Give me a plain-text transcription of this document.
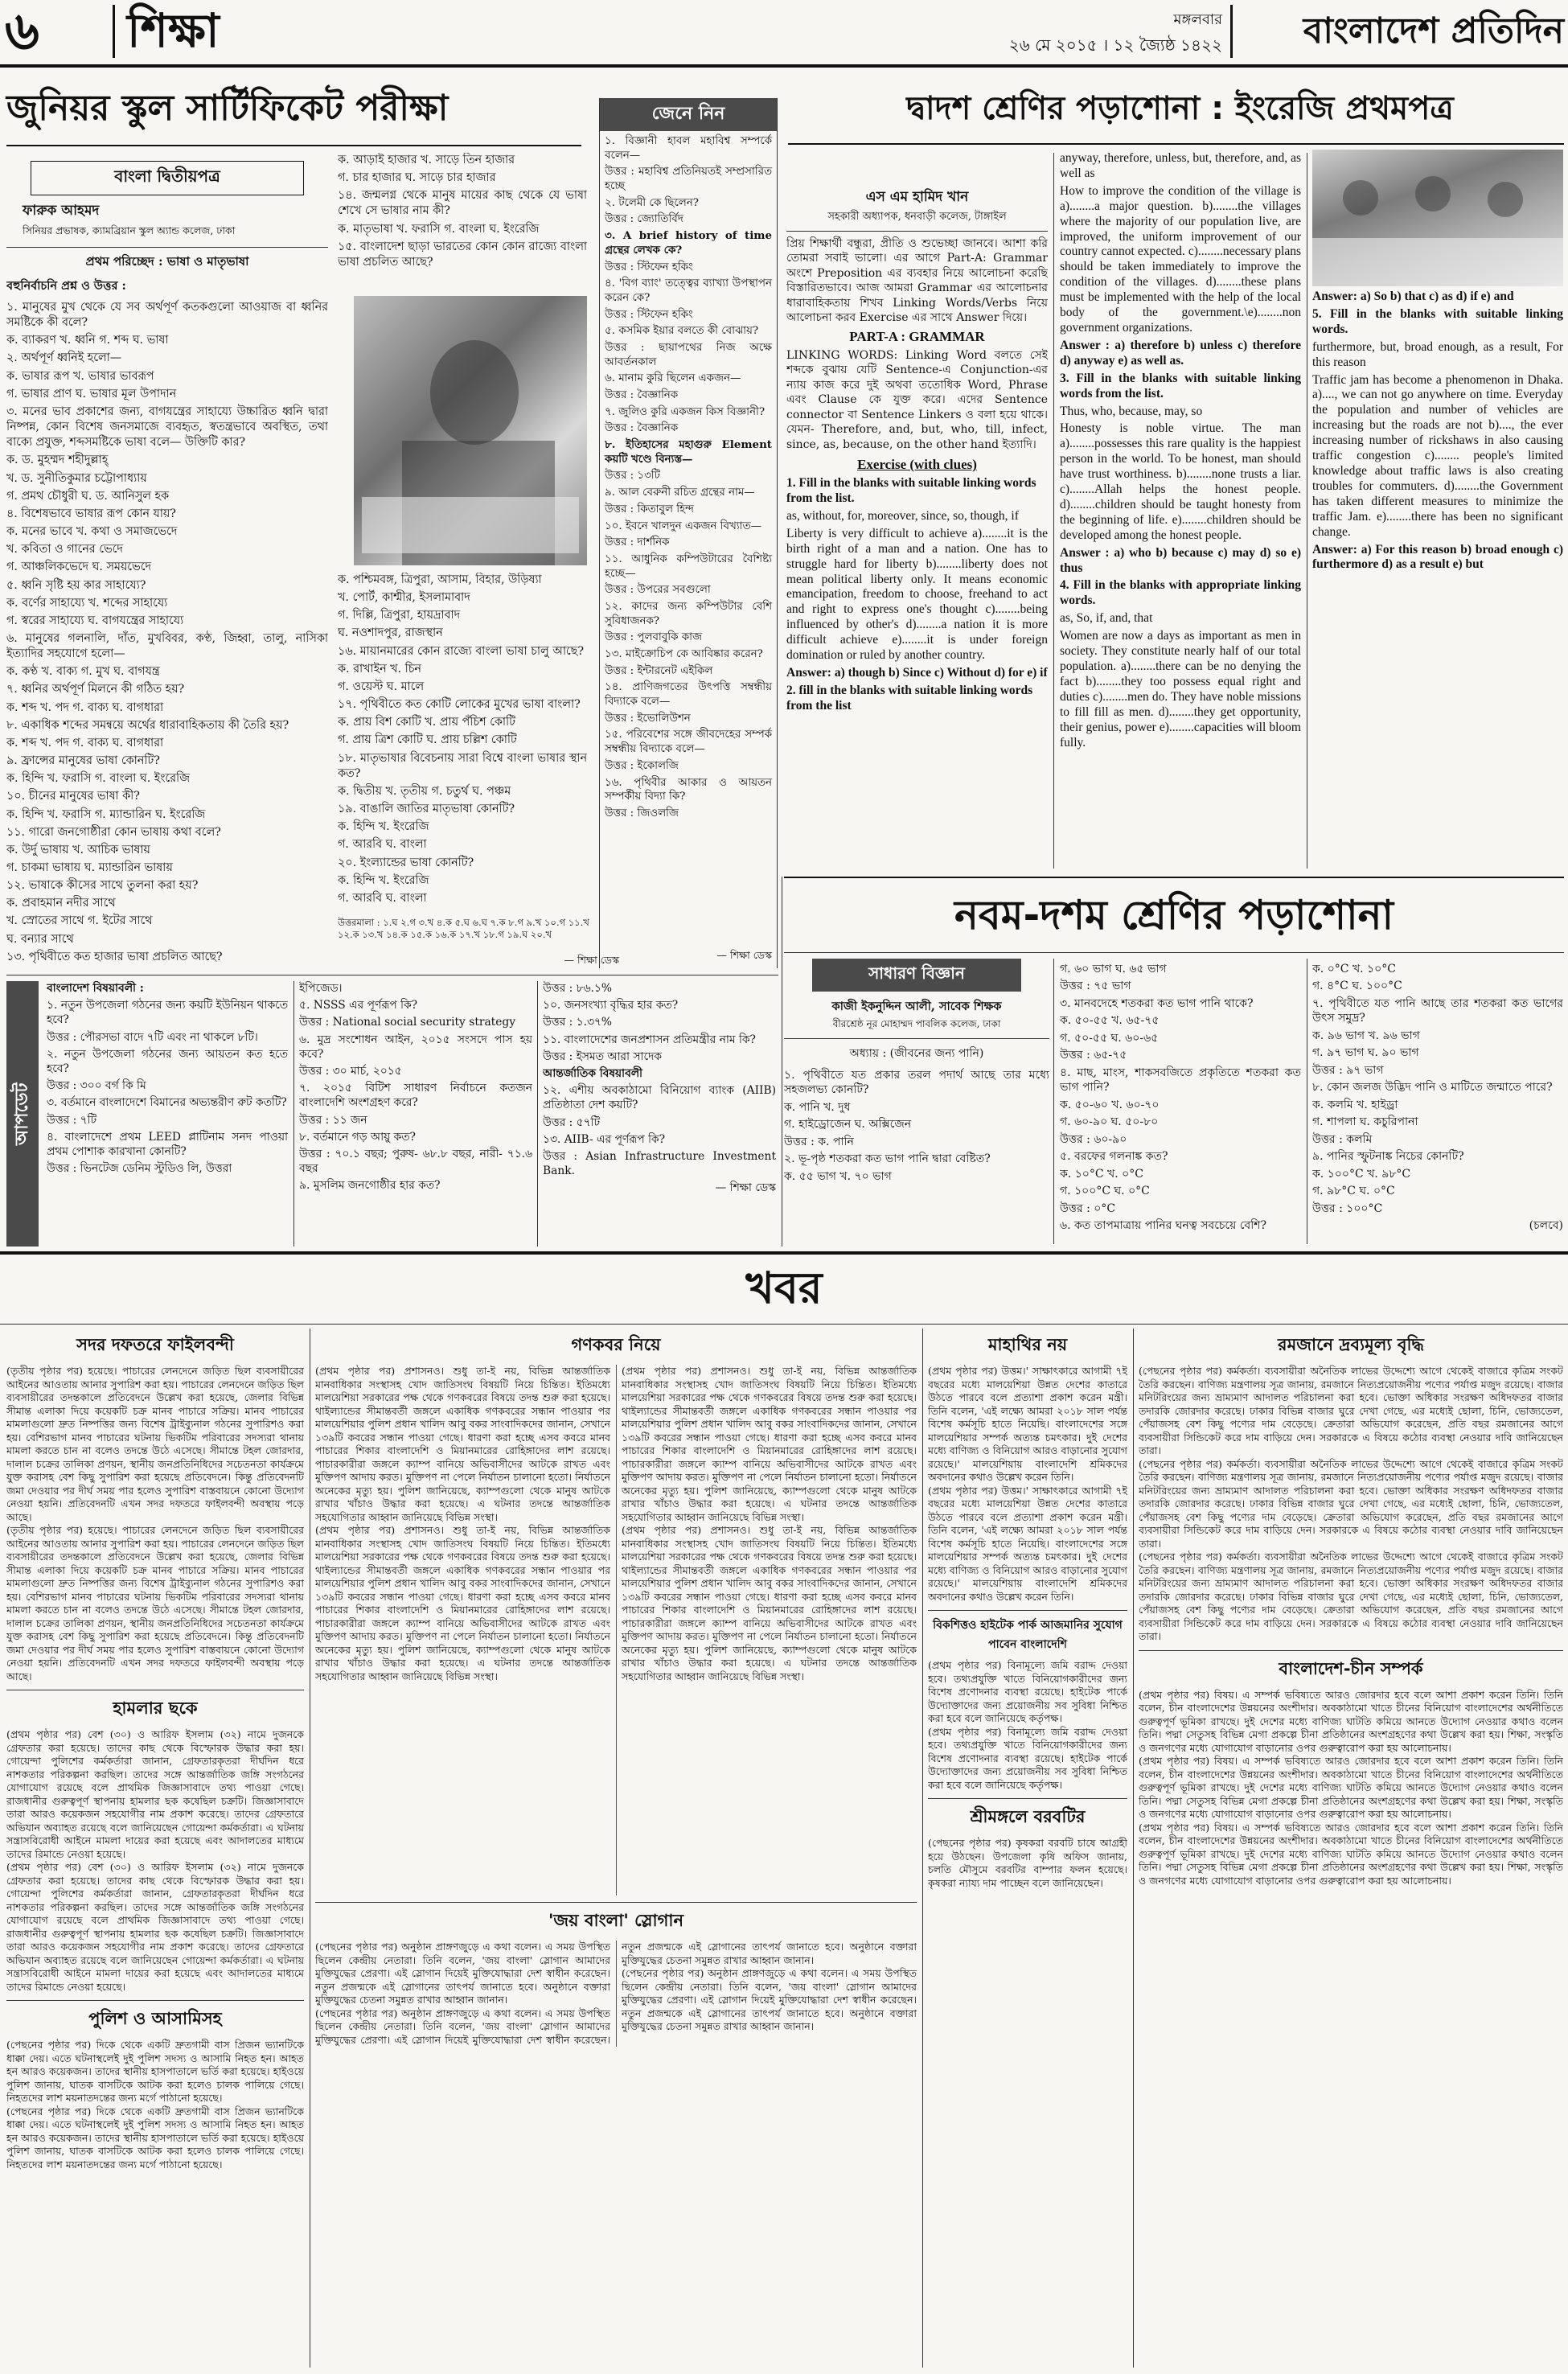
৬	শিক্ষা	মঙ্গলবার
২৬ মে ২০১৫ । ১২ জ্যৈষ্ঠ ১৪২২	বাংলাদেশ প্রতিদিন
জুনিয়র স্কুল সার্টিফিকেট পরীক্ষা
বাংলা দ্বিতীয়পত্র
ফারুক আহমদ
সিনিয়র প্রভাষক, ক্যামব্রিয়ান স্কুল অ্যান্ড কলেজ, ঢাকা
প্রথম পরিচ্ছেদ : ভাষা ও মাতৃভাষা
বহুনির্বাচনি প্রশ্ন ও উত্তর :
১. মানুষের মুখ থেকে যে সব অর্থপূর্ণ কতকগুলো আওয়াজ বা ধ্বনির সমষ্টিকে কী বলে?
ক. ব্যাকরণ খ. ধ্বনি গ. শব্দ ঘ. ভাষা
২. অর্থপূর্ণ ধ্বনিই হলো—
ক. ভাষার রূপ খ. ভাষার ভাবরূপ
গ. ভাষার প্রাণ ঘ. ভাষার মূল উপাদান
৩. মনের ভাব প্রকাশের জন্য, বাগযন্ত্রের সাহায্যে উচ্চারিত ধ্বনি দ্বারা নিষ্পন্ন, কোন বিশেষ জনসমাজে ব্যবহৃত, স্বতন্ত্রভাবে অবস্থিত, তথা বাক্যে প্রযুক্ত, শব্দসমষ্টিকে ভাষা বলে— উক্তিটি কার?
ক. ড. মুহম্মদ শহীদুল্লাহ্
খ. ড. সুনীতিকুমার চট্টোপাধ্যায়
গ. প্রমথ চৌধুরী ঘ. ড. আনিসুল হক
৪. বিশেষভাবে ভাষার রূপ কোন যায়?
ক. মনের ভাবে খ. কথা ও সমাজভেদে
খ. কবিতা ও গানের ভেদে
গ. আঞ্চলিকভেদে ঘ. সময়ভেদে
৫. ধ্বনি সৃষ্টি হয় কার সাহায্যে?
ক. বর্ণের সাহায্যে খ. শব্দের সাহায্যে
গ. স্বরের সাহায্যে ঘ. বাগযন্ত্রের সাহায্যে
৬. মানুষের গলনালি, দাঁত, মুখবিবর, কণ্ঠ, জিহ্বা, তালু, নাসিকা ইত্যাদির সহযোগে হলো—
ক. কণ্ঠ খ. বাক্য গ. মুখ ঘ. বাগযন্ত্র
৭. ধ্বনির অর্থপূর্ণ মিলনে কী গঠিত হয়?
ক. শব্দ খ. পদ গ. বাক্য ঘ. বাগধারা
৮. একাধিক শব্দের সমন্বয়ে অর্থের ধারাবাহিকতায় কী তৈরি হয়?
ক. শব্দ খ. পদ গ. বাক্য ঘ. বাগধারা
৯. ফ্রান্সের মানুষের ভাষা কোনটি?
ক. হিন্দি খ. ফরাসি গ. বাংলা ঘ. ইংরেজি
১০. চীনের মানুষের ভাষা কী?
ক. হিন্দি খ. ফরাসি গ. ম্যান্ডারিন ঘ. ইংরেজি
১১. গারো জনগোষ্ঠীরা কোন ভাষায় কথা বলে?
ক. উর্দু ভাষায় খ. আচিক ভাষায়
গ. চাকমা ভাষায় ঘ. ম্যান্ডারিন ভাষায়
১২. ভাষাকে কীসের সাথে তুলনা করা হয়?
ক. প্রবাহমান নদীর সাথে
খ. স্রোতের সাথে গ. ইটের সাথে
ঘ. বন্যার সাথে
১৩. পৃথিবীতে কত হাজার ভাষা প্রচলিত আছে?
ক. আড়াই হাজার খ. সাড়ে তিন হাজার
গ. চার হাজার ঘ. সাড়ে চার হাজার
১৪. জন্মলগ্ন থেকে মানুষ মায়ের কাছ থেকে যে ভাষা শেখে সে ভাষার নাম কী?
ক. মাতৃভাষা খ. ফরাসি গ. বাংলা ঘ. ইংরেজি
১৫. বাংলাদেশ ছাড়া ভারতের কোন কোন রাজ্যে বাংলা ভাষা প্রচলিত আছে?
ক. পশ্চিমবঙ্গ, ত্রিপুরা, আসাম, বিহার, উড়িষ্যা
খ. পোর্ট, কাশ্মীর, ইসলামাবাদ
গ. দিল্লি, ত্রিপুরা, হায়দ্রাবাদ
ঘ. নওশাদপুর, রাজস্থান
১৬. মায়ানমারের কোন রাজ্যে বাংলা ভাষা চালু আছে?
ক. রাখাইন খ. চিন
গ. ওয়েস্ট ঘ. মালে
১৭. পৃথিবীতে কত কোটি লোকের মুখের ভাষা বাংলা?
ক. প্রায় বিশ কোটি খ. প্রায় পঁচিশ কোটি
গ. প্রায় ত্রিশ কোটি ঘ. প্রায় চল্লিশ কোটি
১৮. মাতৃভাষার বিবেচনায় সারা বিশ্বে বাংলা ভাষার স্থান কত?
ক. দ্বিতীয় খ. তৃতীয় গ. চতুর্থ ঘ. পঞ্চম
১৯. বাঙালি জাতির মাতৃভাষা কোনটি?
ক. হিন্দি খ. ইংরেজি
গ. আরবি ঘ. বাংলা
২০. ইংল্যান্ডের ভাষা কোনটি?
ক. হিন্দি খ. ইংরেজি
গ. আরবি ঘ. বাংলা
উত্তরমালা : ১.ঘ ২.গ ৩.খ ৪.ক ৫.ঘ ৬.ঘ ৭.ক ৮.গ ৯.খ ১০.গ ১১.খ ১২.ক ১৩.খ ১৪.ক ১৫.ক ১৬.ক ১৭.খ ১৮.গ ১৯.ঘ ২০.খ
— শিক্ষা ডেস্ক
জেনে নিন
১. বিজ্ঞানী হাবল মহাবিশ্ব সম্পর্কে বলেন—
উত্তর : মহাবিশ্ব প্রতিনিয়তই সম্প্রসারিত হচ্ছে
২. টলেমী কে ছিলেন?
উত্তর : জ্যোতির্বিদ
৩. A brief history of time গ্রন্থের লেখক কে?
উত্তর : স্টিফেন হকিং
৪. 'বিগ ব্যাং' তত্ত্বের ব্যাখ্যা উপস্থাপন করেন কে?
উত্তর : স্টিফেন হকিং
৫. কসমিক ইয়ার বলতে কী বোঝায়?
উত্তর : ছায়াপথের নিজ অক্ষে আবর্তনকাল
৬. মানাম কুরি ছিলেন একজন—
উত্তর : বৈজ্ঞানিক
৭. জুলিও কুরি একজন কিস বিজ্ঞানী?
উত্তর : বৈজ্ঞানিক
৮. ইতিহাসের মহাগুরু Element কয়টি খণ্ডে বিন্যস্ত—
উত্তর : ১৩টি
৯. আল বেরুনী রচিত গ্রন্থের নাম—
উত্তর : কিতাবুল হিন্দ
১০. ইবনে খালদুন একজন বিখ্যাত—
উত্তর : দার্শনিক
১১. আধুনিক কম্পিউটারের বৈশিষ্ট্য হচ্ছে—
উত্তর : উপরের সবগুলো
১২. কাদের জন্য কম্পিউটার বেশি সুবিধাজনক?
উত্তর : পুলবাবুকি কাজ
১৩. মাইক্রোচিপ কে আবিষ্কার করেন?
উত্তর : ইন্টারনেট এইকিল
১৪. প্রাণিজগতের উৎপত্তি সম্বন্ধীয় বিদ্যাকে বলে—
উত্তর : ইভোলিউশন
১৫. পরিবেশের সঙ্গে জীবদেহের সম্পর্ক সম্বন্ধীয় বিদ্যাকে বলে—
উত্তর : ইকোলজি
১৬. পৃথিবীর আকার ও আয়তন সম্পর্কীয় বিদ্যা কি?
উত্তর : জিওলজি
— শিক্ষা ডেস্ক
দ্বাদশ শ্রেণির পড়াশোনা : ইংরেজি প্রথমপত্র
এস এম হামিদ খান
সহকারী অধ্যাপক, ধনবাড়ী কলেজ, টাঙ্গাইল
প্রিয় শিক্ষার্থী বন্ধুরা, প্রীতি ও শুভেচ্ছা জানবে। আশা করি তোমরা সবাই ভালো। এর আগে Part-A: Grammar অংশে Preposition এর ব্যবহার নিয়ে আলোচনা করেছি বিস্তারিতভাবে। আজ আমরা Grammar এর আলোচনার ধারাবাহিকতায় শিখব Linking Words/Verbs নিয়ে আলোচনা করব Exercise এর সাথে Answer দিয়ে।
PART-A : GRAMMAR
LINKING WORDS: Linking Word বলতে সেই শব্দকে বুঝায় যেটি Sentence-এ Conjunction-এর ন্যায় কাজ করে দুই অথবা ততোধিক Word, Phrase এবং Clause কে যুক্ত করে। এদের Sentence connector বা Sentence Linkers ও বলা হয়ে থাকে। যেমন- Therefore, and, but, who, till, infect, since, as, because, on the other hand ইত্যাদি।
Exercise (with clues)

1. Fill in the blanks with suitable linking words from the list.

as, without, for, moreover, since, so, though, if

Liberty is very difficult to achieve a)........it is the birth right of a man and a nation. One has to struggle hard for liberty b)........liberty does not mean political liberty only. It means economic emancipation, freedom to choose, freehand to act and right to express one's thought c)........being influenced by other's d)........a nation it is more difficult achieve e)........it is under foreign domination or ruled by another country.

Answer: a) though b) Since c) Without d) for e) if

2. fill in the blanks with suitable linking words from the list

anyway, therefore, unless, but, therefore, and, as well as

How to improve the condition of the village is a)........a major question. b)........the villages where the majority of our population live, are improved, the uniform improvement of our country cannot expected. c)........necessary plans should be taken immediately to improve the condition of the villages. d)........these plans must be implemented with the help of the local body of the government.\e)........non government organizations.

Answer : a) therefore b) unless c) therefore d) anyway e) as well as.

3. Fill in the blanks with suitable linking words from the list.

Thus, who, because, may, so

Honesty is noble virtue. The man a)........possesses this rare quality is the happiest person in the world. To be honest, man should have trust worthiness. b)........none trusts a liar. c)........Allah helps the honest people. d)........children should be taught honesty from the beginning of life. e)........children should be developed among the honest people.

Answer : a) who b) because c) may d) so e) thus

4. Fill in the blanks with appropriate linking words.

as, So, if, and, that

Women are now a days as important as men in society. They constitute nearly half of our total population. a)........there can be no denying the fact b)........they too possess equal right and duties c)........men do. They have noble missions to fill fill as men. d)........they get opportunity, their genius, power e)........capacities will bloom fully.

Answer: a) So b) that c) as d) if e) and

5. Fill in the blanks with suitable linking words.

furthermore, but, broad enough, as a result, For this reason

Traffic jam has become a phenomenon in Dhaka. a)...., we can not go anywhere on time. Everyday the population and number of vehicles are increasing but the roads are not b)...., the ever increasing number of rickshaws in also causing traffic congestion c)........ people's limited knowledge about traffic laws is also creating troubles for commuters. d)........the Government has taken different measures to minimize the traffic Jam. e)........there has been no significant change.

Answer: a) For this reason b) broad enough c) furthermore d) as a result e) but

নবম-দশম শ্রেণির পড়াশোনা
সাধারণ বিজ্ঞান
কাজী ইকনুদ্দিন আলী, সাবেক শিক্ষক
বীরশ্রেষ্ঠ নূর মোহাম্মদ পাবলিক কলেজ, ঢাকা
অধ্যায় : (জীবনের জন্য পানি)
১. পৃথিবীতে যত প্রকার তরল পদার্থ আছে তার মধ্যে সহজলভ্য কোনটি?
ক. পানি খ. দুধ
গ. হাইড্রোজেন ঘ. অক্সিজেন
উত্তর : ক. পানি
২. ভূ-পৃষ্ঠ শতকরা কত ভাগ পানি দ্বারা বেষ্টিত?
ক. ৫৫ ভাগ খ. ৭০ ভাগ
গ. ৬০ ভাগ ঘ. ৬৫ ভাগ
উত্তর : ৭৫ ভাগ
৩. মানবদেহে শতকরা কত ভাগ পানি থাকে?
ক. ৫০-৫৫ খ. ৬৫-৭৫
গ. ৫০-৫৫ ঘ. ৬০-৬৫
উত্তর : ৬৫-৭৫
৪. মাছ, মাংস, শাকসবজিতে প্রকৃতিতে শতকরা কত ভাগ পানি?
ক. ৫০-৬০ খ. ৬০-৭০
গ. ৬০-৯০ ঘ. ৫০-৮০
উত্তর : ৬০-৯০
৫. বরফের গলনাঙ্ক কত?
ক. ১০°C খ. ০°C
গ. ১০০°C ঘ. ০°C
উত্তর : ০°C
৬. কত তাপমাত্রায় পানির ঘনত্ব সবচেয়ে বেশি?
ক. ০°C খ. ১০°C
গ. ৪°C ঘ. ১০০°C
৭. পৃথিবীতে যত পানি আছে তার শতকরা কত ভাগের উৎস সমুদ্র?
ক. ৯৬ ভাগ খ. ৯৬ ভাগ
গ. ৯৭ ভাগ ঘ. ৯০ ভাগ
উত্তর : ৯৭ ভাগ
৮. কোন জলজ উদ্ভিদ পানি ও মাটিতে জন্মাতে পারে?
ক. কলমি খ. হাইড্রা
গ. শাপলা ঘ. কচুরিপানা
উত্তর : কলমি
৯. পানির স্ফুটনাঙ্ক নিচের কোনটি?
ক. ১০০°C খ. ৯৮°C
গ. ৯৮°C ঘ. ০°C
উত্তর : ১০০°C
(চলবে)
আপডেট
বাংলাদেশ বিষয়াবলী :
১. নতুন উপজেলা গঠনের জন্য কয়টি ইউনিয়ন থাকতে হবে?
উত্তর : পৌরসভা বাদে ৭টি এবং না থাকলে ৮টি।
২. নতুন উপজেলা গঠনের জন্য আয়তন কত হতে হবে?
উত্তর : ৩০০ বর্গ কি মি
৩. বর্তমানে বাংলাদেশে বিমানের অভ্যন্তরীণ রুট কতটি?
উত্তর : ৭টি
৪. বাংলাদেশে প্রথম LEED প্লাটিনাম সনদ পাওয়া প্রথম পোশাক কারখানা কোনটি?
উত্তর : ভিনটেজ ডেনিম স্টুডিও লি, উত্তরা
ইপিজেড।
৫. NSSS এর পূর্ণরূপ কি?
উত্তর : National social security strategy
৬. মুদ্র সংশোধন আইন, ২০১৫ সংসদে পাস হয় কবে?
উত্তর : ৩০ মার্চ, ২০১৫
৭. ২০১৫ বিটিশ সাধারণ নির্বাচনে কতজন বাংলাদেশি অংশগ্রহণ করে?
উত্তর : ১১ জন
৮. বর্তমানে গড় আয়ু কত?
উত্তর : ৭০.১ বছর; পুরুষ- ৬৮.৮ বছর, নারী- ৭১.৬ বছর
৯. মুসলিম জনগোষ্ঠীর হার কত?
উত্তর : ৮৬.১%
১০. জনসংখ্যা বৃদ্ধির হার কত?
উত্তর : ১.৩৭%
১১. বাংলাদেশের জনপ্রশাসন প্রতিমন্ত্রীর নাম কি?
উত্তর : ইসমত আরা সাদেক
আন্তর্জাতিক বিষয়াবলী
১২. এশীয় অবকাঠামো বিনিয়োগ ব্যাংক (AIIB) প্রতিষ্ঠাতা দেশ কয়টি?
উত্তর : ৫৭টি
১৩. AIIB- এর পূর্ণরূপ কি?
উত্তর : Asian Infrastructure Investment Bank.
— শিক্ষা ডেস্ক
খবর
সদর দফতরে ফাইলবন্দী
(তৃতীয় পৃষ্ঠার পর) হয়েছে। পাচারের লেনদেনে জড়িত ছিল ব্যবসায়ীরের আইনের আওতায় আনার সুপারিশ করা হয়। পাচারের লেনদেনে জড়িত ছিল ব্যবসায়ীরের তদন্তকালে প্রতিবেদনে উল্লেখ করা হয়েছে, জেলার বিভিন্ন সীমান্ত এলাকা দিয়ে কয়েকটি চক্র মানব পাচারে সক্রিয়। মানব পাচারের মামলাগুলো দ্রুত নিষ্পত্তির জন্য বিশেষ ট্রাইব্যুনাল গঠনের সুপারিশও করা হয়। বেশিরভাগ মানব পাচারের ঘটনায় ভিকটিম পরিবারের সদস্যরা থানায় মামলা করতে চান না বলেও তদন্তে উঠে এসেছে। সীমান্তে টহল জোরদার, দালাল চক্রের তালিকা প্রণয়ন, স্থানীয় জনপ্রতিনিধিদের সচেতনতা কার্যক্রমে যুক্ত করাসহ বেশ কিছু সুপারিশ করা হয়েছে প্রতিবেদনে। কিন্তু প্রতিবেদনটি জমা দেওয়ার পর দীর্ঘ সময় পার হলেও সুপারিশ বাস্তবায়নে কোনো উদ্যোগ নেওয়া হয়নি। প্রতিবেদনটি এখন সদর দফতরে ফাইলবন্দী অবস্থায় পড়ে আছে।
(তৃতীয় পৃষ্ঠার পর) হয়েছে। পাচারের লেনদেনে জড়িত ছিল ব্যবসায়ীরের আইনের আওতায় আনার সুপারিশ করা হয়। পাচারের লেনদেনে জড়িত ছিল ব্যবসায়ীরের তদন্তকালে প্রতিবেদনে উল্লেখ করা হয়েছে, জেলার বিভিন্ন সীমান্ত এলাকা দিয়ে কয়েকটি চক্র মানব পাচারে সক্রিয়। মানব পাচারের মামলাগুলো দ্রুত নিষ্পত্তির জন্য বিশেষ ট্রাইব্যুনাল গঠনের সুপারিশও করা হয়। বেশিরভাগ মানব পাচারের ঘটনায় ভিকটিম পরিবারের সদস্যরা থানায় মামলা করতে চান না বলেও তদন্তে উঠে এসেছে। সীমান্তে টহল জোরদার, দালাল চক্রের তালিকা প্রণয়ন, স্থানীয় জনপ্রতিনিধিদের সচেতনতা কার্যক্রমে যুক্ত করাসহ বেশ কিছু সুপারিশ করা হয়েছে প্রতিবেদনে। কিন্তু প্রতিবেদনটি জমা দেওয়ার পর দীর্ঘ সময় পার হলেও সুপারিশ বাস্তবায়নে কোনো উদ্যোগ নেওয়া হয়নি। প্রতিবেদনটি এখন সদর দফতরে ফাইলবন্দী অবস্থায় পড়ে আছে।
হামলার ছকে
(প্রথম পৃষ্ঠার পর) বেশ (৩০) ও আরিফ ইসলাম (৩২) নামে দুজনকে গ্রেফতার করা হয়েছে। তাদের কাছ থেকে বিস্ফোরক উদ্ধার করা হয়। গোয়েন্দা পুলিশের কর্মকর্তারা জানান, গ্রেফতারকৃতরা দীর্ঘদিন ধরে নাশকতার পরিকল্পনা করছিল। তাদের সঙ্গে আন্তর্জাতিক জঙ্গি সংগঠনের যোগাযোগ রয়েছে বলে প্রাথমিক জিজ্ঞাসাবাদে তথ্য পাওয়া গেছে। রাজধানীর গুরুত্বপূর্ণ স্থাপনায় হামলার ছক কষেছিল চক্রটি। জিজ্ঞাসাবাদে তারা আরও কয়েকজন সহযোগীর নাম প্রকাশ করেছে। তাদের গ্রেফতারে অভিযান অব্যাহত রয়েছে বলে জানিয়েছেন গোয়েন্দা কর্মকর্তারা। এ ঘটনায় সন্ত্রাসবিরোধী আইনে মামলা দায়ের করা হয়েছে এবং আদালতের মাধ্যমে তাদের রিমান্ডে নেওয়া হয়েছে।
(প্রথম পৃষ্ঠার পর) বেশ (৩০) ও আরিফ ইসলাম (৩২) নামে দুজনকে গ্রেফতার করা হয়েছে। তাদের কাছ থেকে বিস্ফোরক উদ্ধার করা হয়। গোয়েন্দা পুলিশের কর্মকর্তারা জানান, গ্রেফতারকৃতরা দীর্ঘদিন ধরে নাশকতার পরিকল্পনা করছিল। তাদের সঙ্গে আন্তর্জাতিক জঙ্গি সংগঠনের যোগাযোগ রয়েছে বলে প্রাথমিক জিজ্ঞাসাবাদে তথ্য পাওয়া গেছে। রাজধানীর গুরুত্বপূর্ণ স্থাপনায় হামলার ছক কষেছিল চক্রটি। জিজ্ঞাসাবাদে তারা আরও কয়েকজন সহযোগীর নাম প্রকাশ করেছে। তাদের গ্রেফতারে অভিযান অব্যাহত রয়েছে বলে জানিয়েছেন গোয়েন্দা কর্মকর্তারা। এ ঘটনায় সন্ত্রাসবিরোধী আইনে মামলা দায়ের করা হয়েছে এবং আদালতের মাধ্যমে তাদের রিমান্ডে নেওয়া হয়েছে।
পুলিশ ও আসামিসহ
(পেছনের পৃষ্ঠার পর) দিকে থেকে একটি দ্রুতগামী বাস প্রিজন ভ্যানটিকে ধাক্কা দেয়। এতে ঘটনাস্থলেই দুই পুলিশ সদস্য ও আসামি নিহত হন। আহত হন আরও কয়েকজন। তাদের স্থানীয় হাসপাতালে ভর্তি করা হয়েছে। হাইওয়ে পুলিশ জানায়, ঘাতক বাসটিকে আটক করা হলেও চালক পালিয়ে গেছে। নিহতদের লাশ ময়নাতদন্তের জন্য মর্গে পাঠানো হয়েছে।
(পেছনের পৃষ্ঠার পর) দিকে থেকে একটি দ্রুতগামী বাস প্রিজন ভ্যানটিকে ধাক্কা দেয়। এতে ঘটনাস্থলেই দুই পুলিশ সদস্য ও আসামি নিহত হন। আহত হন আরও কয়েকজন। তাদের স্থানীয় হাসপাতালে ভর্তি করা হয়েছে। হাইওয়ে পুলিশ জানায়, ঘাতক বাসটিকে আটক করা হলেও চালক পালিয়ে গেছে। নিহতদের লাশ ময়নাতদন্তের জন্য মর্গে পাঠানো হয়েছে।
গণকবর নিয়ে
(প্রথম পৃষ্ঠার পর) প্রশাসনও। শুধু তা-ই নয়, বিভিন্ন আন্তর্জাতিক মানবাধিকার সংস্থাসহ খোদ জাতিসংঘ বিষয়টি নিয়ে চিন্তিত। ইতিমধ্যে মালয়েশিয়া সরকারের পক্ষ থেকে গণকবরের বিষয়ে তদন্ত শুরু করা হয়েছে। থাইল্যান্ডের সীমান্তবর্তী জঙ্গলে একাধিক গণকবরের সন্ধান পাওয়ার পর মালয়েশিয়ার পুলিশ প্রধান খালিদ আবু বকর সাংবাদিকদের জানান, সেখানে ১৩৯টি কবরের সন্ধান পাওয়া গেছে। ধারণা করা হচ্ছে এসব কবরে মানব পাচারের শিকার বাংলাদেশি ও মিয়ানমারের রোহিঙ্গাদের লাশ রয়েছে। পাচারকারীরা জঙ্গলে ক্যাম্প বানিয়ে অভিবাসীদের আটকে রাখত এবং মুক্তিপণ আদায় করত। মুক্তিপণ না পেলে নির্যাতন চালানো হতো। নির্যাতনে অনেকের মৃত্যু হয়। পুলিশ জানিয়েছে, ক্যাম্পগুলো থেকে মানুষ আটকে রাখার খাঁচাও উদ্ধার করা হয়েছে। এ ঘটনার তদন্তে আন্তর্জাতিক সহযোগিতার আহ্বান জানিয়েছে বিভিন্ন সংস্থা।
(প্রথম পৃষ্ঠার পর) প্রশাসনও। শুধু তা-ই নয়, বিভিন্ন আন্তর্জাতিক মানবাধিকার সংস্থাসহ খোদ জাতিসংঘ বিষয়টি নিয়ে চিন্তিত। ইতিমধ্যে মালয়েশিয়া সরকারের পক্ষ থেকে গণকবরের বিষয়ে তদন্ত শুরু করা হয়েছে। থাইল্যান্ডের সীমান্তবর্তী জঙ্গলে একাধিক গণকবরের সন্ধান পাওয়ার পর মালয়েশিয়ার পুলিশ প্রধান খালিদ আবু বকর সাংবাদিকদের জানান, সেখানে ১৩৯টি কবরের সন্ধান পাওয়া গেছে। ধারণা করা হচ্ছে এসব কবরে মানব পাচারের শিকার বাংলাদেশি ও মিয়ানমারের রোহিঙ্গাদের লাশ রয়েছে। পাচারকারীরা জঙ্গলে ক্যাম্প বানিয়ে অভিবাসীদের আটকে রাখত এবং মুক্তিপণ আদায় করত। মুক্তিপণ না পেলে নির্যাতন চালানো হতো। নির্যাতনে অনেকের মৃত্যু হয়। পুলিশ জানিয়েছে, ক্যাম্পগুলো থেকে মানুষ আটকে রাখার খাঁচাও উদ্ধার করা হয়েছে। এ ঘটনার তদন্তে আন্তর্জাতিক সহযোগিতার আহ্বান জানিয়েছে বিভিন্ন সংস্থা।
(প্রথম পৃষ্ঠার পর) প্রশাসনও। শুধু তা-ই নয়, বিভিন্ন আন্তর্জাতিক মানবাধিকার সংস্থাসহ খোদ জাতিসংঘ বিষয়টি নিয়ে চিন্তিত। ইতিমধ্যে মালয়েশিয়া সরকারের পক্ষ থেকে গণকবরের বিষয়ে তদন্ত শুরু করা হয়েছে। থাইল্যান্ডের সীমান্তবর্তী জঙ্গলে একাধিক গণকবরের সন্ধান পাওয়ার পর মালয়েশিয়ার পুলিশ প্রধান খালিদ আবু বকর সাংবাদিকদের জানান, সেখানে ১৩৯টি কবরের সন্ধান পাওয়া গেছে। ধারণা করা হচ্ছে এসব কবরে মানব পাচারের শিকার বাংলাদেশি ও মিয়ানমারের রোহিঙ্গাদের লাশ রয়েছে। পাচারকারীরা জঙ্গলে ক্যাম্প বানিয়ে অভিবাসীদের আটকে রাখত এবং মুক্তিপণ আদায় করত। মুক্তিপণ না পেলে নির্যাতন চালানো হতো। নির্যাতনে অনেকের মৃত্যু হয়। পুলিশ জানিয়েছে, ক্যাম্পগুলো থেকে মানুষ আটকে রাখার খাঁচাও উদ্ধার করা হয়েছে। এ ঘটনার তদন্তে আন্তর্জাতিক সহযোগিতার আহ্বান জানিয়েছে বিভিন্ন সংস্থা।
(প্রথম পৃষ্ঠার পর) প্রশাসনও। শুধু তা-ই নয়, বিভিন্ন আন্তর্জাতিক মানবাধিকার সংস্থাসহ খোদ জাতিসংঘ বিষয়টি নিয়ে চিন্তিত। ইতিমধ্যে মালয়েশিয়া সরকারের পক্ষ থেকে গণকবরের বিষয়ে তদন্ত শুরু করা হয়েছে। থাইল্যান্ডের সীমান্তবর্তী জঙ্গলে একাধিক গণকবরের সন্ধান পাওয়ার পর মালয়েশিয়ার পুলিশ প্রধান খালিদ আবু বকর সাংবাদিকদের জানান, সেখানে ১৩৯টি কবরের সন্ধান পাওয়া গেছে। ধারণা করা হচ্ছে এসব কবরে মানব পাচারের শিকার বাংলাদেশি ও মিয়ানমারের রোহিঙ্গাদের লাশ রয়েছে। পাচারকারীরা জঙ্গলে ক্যাম্প বানিয়ে অভিবাসীদের আটকে রাখত এবং মুক্তিপণ আদায় করত। মুক্তিপণ না পেলে নির্যাতন চালানো হতো। নির্যাতনে অনেকের মৃত্যু হয়। পুলিশ জানিয়েছে, ক্যাম্পগুলো থেকে মানুষ আটকে রাখার খাঁচাও উদ্ধার করা হয়েছে। এ ঘটনার তদন্তে আন্তর্জাতিক সহযোগিতার আহ্বান জানিয়েছে বিভিন্ন সংস্থা।
'জয় বাংলা' স্লোগান
(পেছনের পৃষ্ঠার পর) অনুষ্ঠান প্রাঙ্গণজুড়ে এ কথা বলেন। এ সময় উপস্থিত ছিলেন কেন্দ্রীয় নেতারা। তিনি বলেন, 'জয় বাংলা' স্লোগান আমাদের মুক্তিযুদ্ধের প্রেরণা। এই স্লোগান দিয়েই মুক্তিযোদ্ধারা দেশ স্বাধীন করেছেন। নতুন প্রজন্মকে এই স্লোগানের তাৎপর্য জানাতে হবে। অনুষ্ঠানে বক্তারা মুক্তিযুদ্ধের চেতনা সমুন্নত রাখার আহ্বান জানান।
(পেছনের পৃষ্ঠার পর) অনুষ্ঠান প্রাঙ্গণজুড়ে এ কথা বলেন। এ সময় উপস্থিত ছিলেন কেন্দ্রীয় নেতারা। তিনি বলেন, 'জয় বাংলা' স্লোগান আমাদের মুক্তিযুদ্ধের প্রেরণা। এই স্লোগান দিয়েই মুক্তিযোদ্ধারা দেশ স্বাধীন করেছেন। নতুন প্রজন্মকে এই স্লোগানের তাৎপর্য জানাতে হবে। অনুষ্ঠানে বক্তারা মুক্তিযুদ্ধের চেতনা সমুন্নত রাখার আহ্বান জানান।
(পেছনের পৃষ্ঠার পর) অনুষ্ঠান প্রাঙ্গণজুড়ে এ কথা বলেন। এ সময় উপস্থিত ছিলেন কেন্দ্রীয় নেতারা। তিনি বলেন, 'জয় বাংলা' স্লোগান আমাদের মুক্তিযুদ্ধের প্রেরণা। এই স্লোগান দিয়েই মুক্তিযোদ্ধারা দেশ স্বাধীন করেছেন। নতুন প্রজন্মকে এই স্লোগানের তাৎপর্য জানাতে হবে। অনুষ্ঠানে বক্তারা মুক্তিযুদ্ধের চেতনা সমুন্নত রাখার আহ্বান জানান।
মাহাথির নয়
(প্রথম পৃষ্ঠার পর) উত্তম।' সাক্ষাৎকারে আগামী ৭ই বছরের মধ্যে মালয়েশিয়া উন্নত দেশের কাতারে উঠতে পারবে বলে প্রত্যাশা প্রকাশ করেন মন্ত্রী। তিনি বলেন, 'এই লক্ষ্যে আমরা ২০১৮ সাল পর্যন্ত বিশেষ কর্মসূচি হাতে নিয়েছি। বাংলাদেশের সঙ্গে মালয়েশিয়ার সম্পর্ক অত্যন্ত চমৎকার। দুই দেশের মধ্যে বাণিজ্য ও বিনিয়োগ আরও বাড়ানোর সুযোগ রয়েছে।' মালয়েশিয়ায় বাংলাদেশি শ্রমিকদের অবদানের কথাও উল্লেখ করেন তিনি।
(প্রথম পৃষ্ঠার পর) উত্তম।' সাক্ষাৎকারে আগামী ৭ই বছরের মধ্যে মালয়েশিয়া উন্নত দেশের কাতারে উঠতে পারবে বলে প্রত্যাশা প্রকাশ করেন মন্ত্রী। তিনি বলেন, 'এই লক্ষ্যে আমরা ২০১৮ সাল পর্যন্ত বিশেষ কর্মসূচি হাতে নিয়েছি। বাংলাদেশের সঙ্গে মালয়েশিয়ার সম্পর্ক অত্যন্ত চমৎকার। দুই দেশের মধ্যে বাণিজ্য ও বিনিয়োগ আরও বাড়ানোর সুযোগ রয়েছে।' মালয়েশিয়ায় বাংলাদেশি শ্রমিকদের অবদানের কথাও উল্লেখ করেন তিনি।
বিকশিত্তও হাইটেক পার্ক আজমানির সুযোগ পাবেন বাংলাদেশি
(প্রথম পৃষ্ঠার পর) বিনামূল্যে জমি বরাদ্দ দেওয়া হবে। তথ্যপ্রযুক্তি খাতে বিনিয়োগকারীদের জন্য বিশেষ প্রণোদনার ব্যবস্থা রয়েছে। হাইটেক পার্কে উদ্যোক্তাদের জন্য প্রয়োজনীয় সব সুবিধা নিশ্চিত করা হবে বলে জানিয়েছে কর্তৃপক্ষ।
(প্রথম পৃষ্ঠার পর) বিনামূল্যে জমি বরাদ্দ দেওয়া হবে। তথ্যপ্রযুক্তি খাতে বিনিয়োগকারীদের জন্য বিশেষ প্রণোদনার ব্যবস্থা রয়েছে। হাইটেক পার্কে উদ্যোক্তাদের জন্য প্রয়োজনীয় সব সুবিধা নিশ্চিত করা হবে বলে জানিয়েছে কর্তৃপক্ষ।
শ্রীমঙ্গলে বরবটির
(পেছনের পৃষ্ঠার পর) কৃষকরা বরবটি চাষে আগ্রহী হয়ে উঠছেন। উপজেলা কৃষি অফিস জানায়, চলতি মৌসুমে বরবটির বাম্পার ফলন হয়েছে। কৃষকরা ন্যায্য দাম পাচ্ছেন বলে জানিয়েছেন।
রমজানে দ্রব্যমূল্য বৃদ্ধি
(পেছনের পৃষ্ঠার পর) কর্মকর্তা। ব্যবসায়ীরা অনৈতিক লাভের উদ্দেশ্যে আগে থেকেই বাজারে কৃত্রিম সংকট তৈরি করছেন। বাণিজ্য মন্ত্রণালয় সূত্র জানায়, রমজানে নিত্যপ্রয়োজনীয় পণ্যের পর্যাপ্ত মজুদ রয়েছে। বাজার মনিটরিংয়ের জন্য ভ্রাম্যমাণ আদালত পরিচালনা করা হবে। ভোক্তা অধিকার সংরক্ষণ অধিদফতর বাজার তদারকি জোরদার করেছে। ঢাকার বিভিন্ন বাজার ঘুরে দেখা গেছে, এর মধ্যেই ছোলা, চিনি, ভোজ্যতেল, পেঁয়াজসহ বেশ কিছু পণ্যের দাম বেড়েছে। ক্রেতারা অভিযোগ করেছেন, প্রতি বছর রমজানের আগে ব্যবসায়ীরা সিন্ডিকেট করে দাম বাড়িয়ে দেন। সরকারকে এ বিষয়ে কঠোর ব্যবস্থা নেওয়ার দাবি জানিয়েছেন তারা।
(পেছনের পৃষ্ঠার পর) কর্মকর্তা। ব্যবসায়ীরা অনৈতিক লাভের উদ্দেশ্যে আগে থেকেই বাজারে কৃত্রিম সংকট তৈরি করছেন। বাণিজ্য মন্ত্রণালয় সূত্র জানায়, রমজানে নিত্যপ্রয়োজনীয় পণ্যের পর্যাপ্ত মজুদ রয়েছে। বাজার মনিটরিংয়ের জন্য ভ্রাম্যমাণ আদালত পরিচালনা করা হবে। ভোক্তা অধিকার সংরক্ষণ অধিদফতর বাজার তদারকি জোরদার করেছে। ঢাকার বিভিন্ন বাজার ঘুরে দেখা গেছে, এর মধ্যেই ছোলা, চিনি, ভোজ্যতেল, পেঁয়াজসহ বেশ কিছু পণ্যের দাম বেড়েছে। ক্রেতারা অভিযোগ করেছেন, প্রতি বছর রমজানের আগে ব্যবসায়ীরা সিন্ডিকেট করে দাম বাড়িয়ে দেন। সরকারকে এ বিষয়ে কঠোর ব্যবস্থা নেওয়ার দাবি জানিয়েছেন তারা।
(পেছনের পৃষ্ঠার পর) কর্মকর্তা। ব্যবসায়ীরা অনৈতিক লাভের উদ্দেশ্যে আগে থেকেই বাজারে কৃত্রিম সংকট তৈরি করছেন। বাণিজ্য মন্ত্রণালয় সূত্র জানায়, রমজানে নিত্যপ্রয়োজনীয় পণ্যের পর্যাপ্ত মজুদ রয়েছে। বাজার মনিটরিংয়ের জন্য ভ্রাম্যমাণ আদালত পরিচালনা করা হবে। ভোক্তা অধিকার সংরক্ষণ অধিদফতর বাজার তদারকি জোরদার করেছে। ঢাকার বিভিন্ন বাজার ঘুরে দেখা গেছে, এর মধ্যেই ছোলা, চিনি, ভোজ্যতেল, পেঁয়াজসহ বেশ কিছু পণ্যের দাম বেড়েছে। ক্রেতারা অভিযোগ করেছেন, প্রতি বছর রমজানের আগে ব্যবসায়ীরা সিন্ডিকেট করে দাম বাড়িয়ে দেন। সরকারকে এ বিষয়ে কঠোর ব্যবস্থা নেওয়ার দাবি জানিয়েছেন তারা।
বাংলাদেশ-চীন সম্পর্ক
(প্রথম পৃষ্ঠার পর) বিষয়। এ সম্পর্ক ভবিষ্যতে আরও জোরদার হবে বলে আশা প্রকাশ করেন তিনি। তিনি বলেন, চীন বাংলাদেশের উন্নয়নের অংশীদার। অবকাঠামো খাতে চীনের বিনিয়োগ বাংলাদেশের অর্থনীতিতে গুরুত্বপূর্ণ ভূমিকা রাখছে। দুই দেশের মধ্যে বাণিজ্য ঘাটতি কমিয়ে আনতে উদ্যোগ নেওয়ার কথাও বলেন তিনি। পদ্মা সেতুসহ বিভিন্ন মেগা প্রকল্পে চীনা প্রতিষ্ঠানের অংশগ্রহণের কথা উল্লেখ করা হয়। শিক্ষা, সংস্কৃতি ও জনগণের মধ্যে যোগাযোগ বাড়ানোর ওপর গুরুত্বারোপ করা হয় আলোচনায়।
(প্রথম পৃষ্ঠার পর) বিষয়। এ সম্পর্ক ভবিষ্যতে আরও জোরদার হবে বলে আশা প্রকাশ করেন তিনি। তিনি বলেন, চীন বাংলাদেশের উন্নয়নের অংশীদার। অবকাঠামো খাতে চীনের বিনিয়োগ বাংলাদেশের অর্থনীতিতে গুরুত্বপূর্ণ ভূমিকা রাখছে। দুই দেশের মধ্যে বাণিজ্য ঘাটতি কমিয়ে আনতে উদ্যোগ নেওয়ার কথাও বলেন তিনি। পদ্মা সেতুসহ বিভিন্ন মেগা প্রকল্পে চীনা প্রতিষ্ঠানের অংশগ্রহণের কথা উল্লেখ করা হয়। শিক্ষা, সংস্কৃতি ও জনগণের মধ্যে যোগাযোগ বাড়ানোর ওপর গুরুত্বারোপ করা হয় আলোচনায়।
(প্রথম পৃষ্ঠার পর) বিষয়। এ সম্পর্ক ভবিষ্যতে আরও জোরদার হবে বলে আশা প্রকাশ করেন তিনি। তিনি বলেন, চীন বাংলাদেশের উন্নয়নের অংশীদার। অবকাঠামো খাতে চীনের বিনিয়োগ বাংলাদেশের অর্থনীতিতে গুরুত্বপূর্ণ ভূমিকা রাখছে। দুই দেশের মধ্যে বাণিজ্য ঘাটতি কমিয়ে আনতে উদ্যোগ নেওয়ার কথাও বলেন তিনি। পদ্মা সেতুসহ বিভিন্ন মেগা প্রকল্পে চীনা প্রতিষ্ঠানের অংশগ্রহণের কথা উল্লেখ করা হয়। শিক্ষা, সংস্কৃতি ও জনগণের মধ্যে যোগাযোগ বাড়ানোর ওপর গুরুত্বারোপ করা হয় আলোচনায়।
